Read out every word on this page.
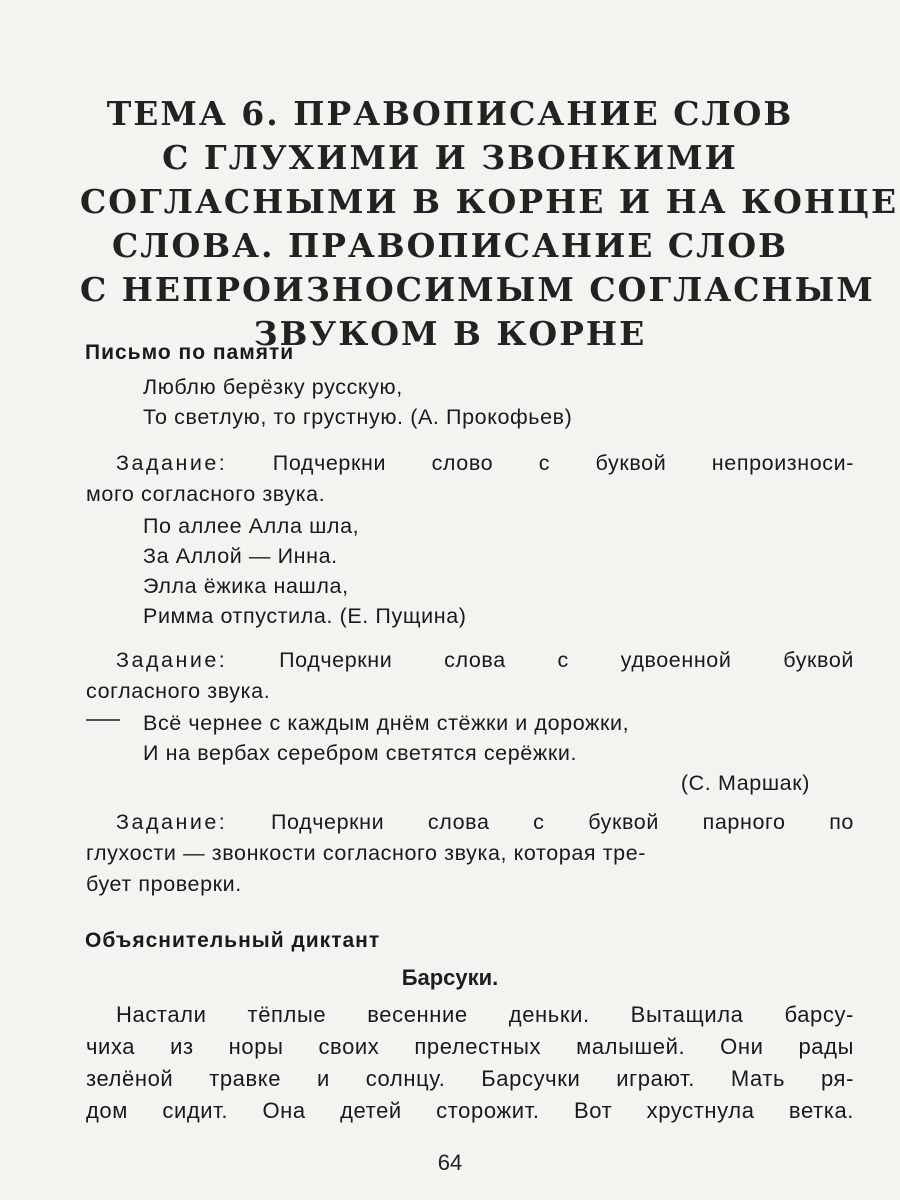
ТЕМА 6. ПРАВОПИСАНИЕ СЛОВ
С ГЛУХИМИ И ЗВОНКИМИ
СОГЛАСНЫМИ В КОРНЕ И НА КОНЦЕ
СЛОВА. ПРАВОПИСАНИЕ СЛОВ
С НЕПРОИЗНОСИМЫМ СОГЛАСНЫМ
ЗВУКОМ В КОРНЕ
Письмо по памяти
Люблю берёзку русскую,
То светлую, то грустную. (А. Прокофьев)
Задание: Подчеркни слово с буквой непроизноси-
мого согласного звука.
По аллее Алла шла,
За Аллой — Инна.
Элла ёжика нашла,
Римма отпустила. (Е. Пущина)
Задание: Подчеркни слова с удвоенной буквой
согласного звука.
Всё чернее с каждым днём стёжки и дорожки,
И на вербах серебром светятся серёжки.
(С. Маршак)
Задание: Подчеркни слова с буквой парного по
глухости — звонкости согласного звука, которая тре-
бует проверки.
Объяснительный диктант
Барсуки.
Настали тёплые весенние деньки. Вытащила барсу-
чиха из норы своих прелестных малышей. Они рады
зелёной травке и солнцу. Барсучки играют. Мать ря-
дом сидит. Она детей сторожит. Вот хрустнула ветка.
64
